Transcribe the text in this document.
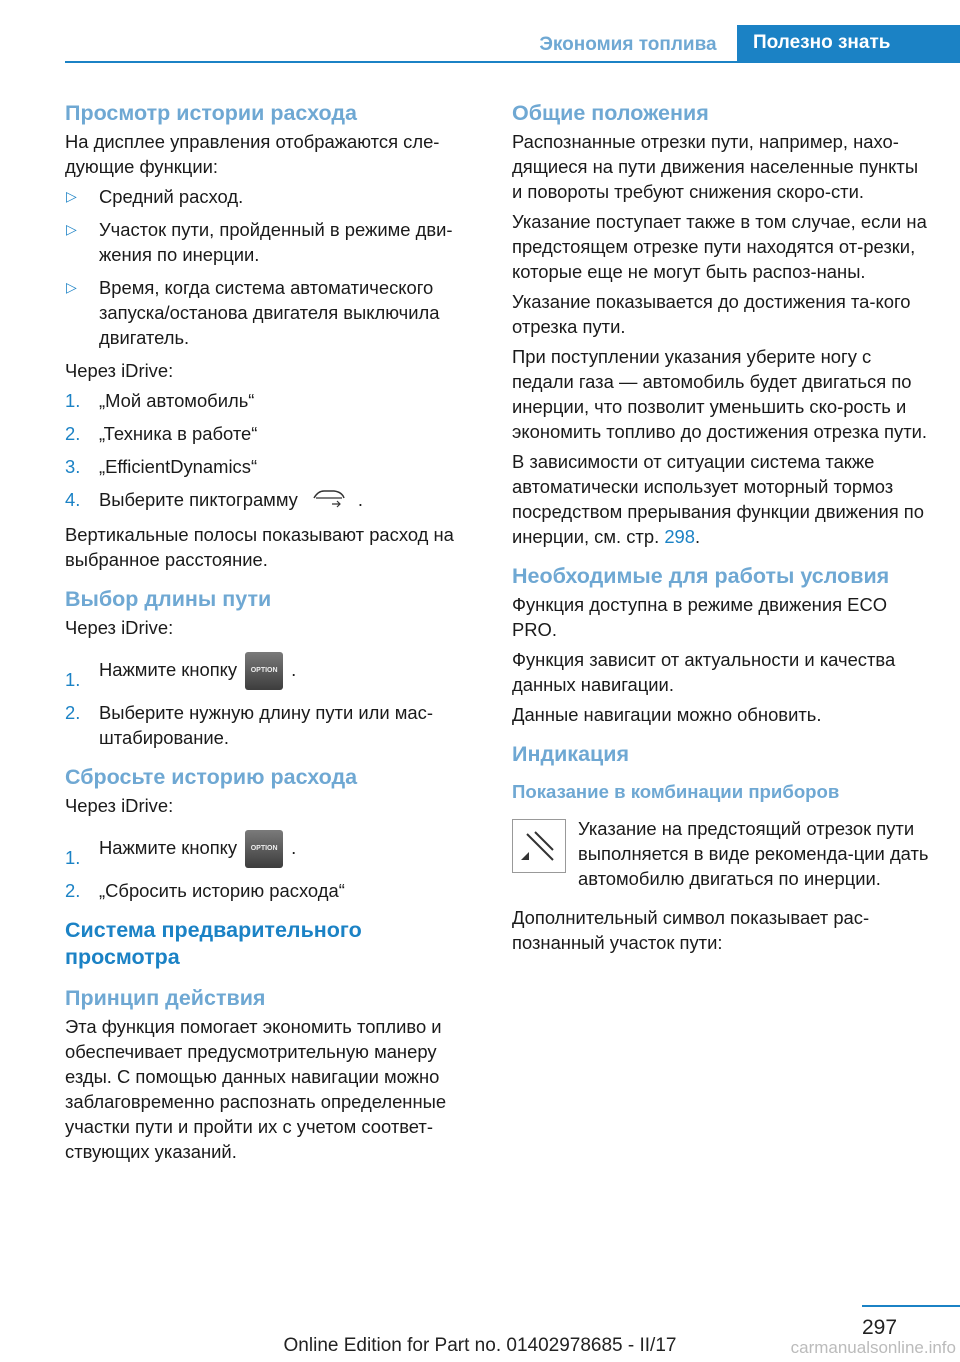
Экономия топлива	Полезно знать
Просмотр истории расхода

На дисплее управления отображаются сле‐дующие функции:

▷ Средний расход.
▷ Участок пути, пройденный в режиме дви‐жения по инерции.
▷ Время, когда система автоматического запуска/останова двигателя выключила двигатель.

Через iDrive:

1. „Мой автомобиль“
2. „Техника в работе“
3. „EfficientDynamics“
4. Выберите пиктограмму	.

Вертикальные полосы показывают расход на выбранное расстояние.

Выбор длины пути

Через iDrive:

1. Нажмите кнопку OPTION .
2. Выберите нужную длину пути или мас‐штабирование.
Сбросьте историю расхода

Через iDrive:

1. Нажмите кнопку OPTION .
2. „Сбросить историю расхода“
Система предварительного просмотра
Принцип действия

Эта функция помогает экономить топливо и обеспечивает предусмотрительную манеру езды. С помощью данных навигации можно заблаговременно распознать определенные участки пути и пройти их с учетом соответ‐ствующих указаний.

Общие положения

Распознанные отрезки пути, например, нахо‐дящиеся на пути движения населенные пункты и повороты требуют снижения скоро‐сти.

Указание поступает также в том случае, если на предстоящем отрезке пути находятся от‐резки, которые еще не могут быть распоз‐наны.

Указание показывается до достижения та‐кого отрезка пути.

При поступлении указания уберите ногу с педали газа — автомобиль будет двигаться по инерции, что позволит уменьшить ско‐рость и экономить топливо до достижения отрезка пути.

В зависимости от ситуации система также автоматически использует моторный тормоз посредством прерывания функции движения по инерции, см. стр. 298.

Необходимые для работы условия

Функция доступна в режиме движения ECO PRO.

Функция зависит от актуальности и качества данных навигации.

Данные навигации можно обновить.

Индикация
Показание в комбинации приборов

Указание на предстоящий отрезок пути выполняется в виде рекоменда‐ции дать автомобилю двигаться по инерции.

Дополнительный символ показывает рас‐познанный участок пути:

297
Online Edition for Part no. 01402978685 - II/17	carmanualsonline.info
